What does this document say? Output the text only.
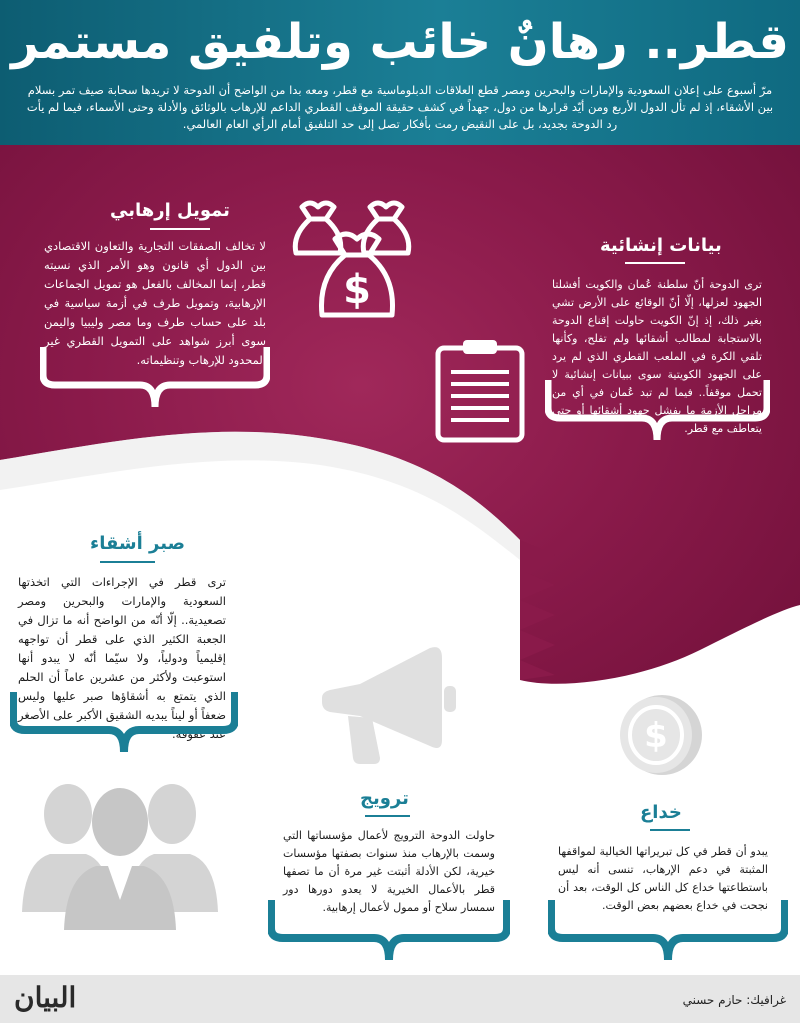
قطر.. رهانٌ خائب وتلفيق مستمر
مرّ أسبوع على إعلان السعودية والإمارات والبحرين ومصر قطع العلاقات الدبلوماسية مع قطر، ومعه بدا من الواضح أن الدوحة لا تريدها سحابة صيف تمر بسلام بين الأشقاء، إذ لم تأل الدول الأربع ومن أيّد قرارها من دول، جهداً في كشف حقيقة الموقف القطري الداعم للإرهاب بالوثائق والأدلة وحتى الأسماء، فيما لم يأت رد الدوحة بجديد، بل على النقيض رمت بأفكار تصل إلى حد التلفيق أمام الرأي العام العالمي.
تمويل إرهابي
لا تخالف الصفقات التجارية والتعاون الاقتصادي بين الدول أي قانون وهو الأمر الذي نسيته قطر، إنما المخالف بالفعل هو تمويل الجماعات الإرهابية، وتمويل طرف في أزمة سياسية في بلد على حساب طرف وما مصر وليبيا واليمن سوى أبرز شواهد على التمويل القطري غير المحدود للإرهاب وتنظيماته.
$
بيانات إنشائية
ترى الدوحة أنّ سلطنة عُمان والكويت أفشلتا الجهود لعزلها، إلّا أنّ الوقائع على الأرض تشي بغير ذلك، إذ إنّ الكويت حاولت إقناع الدوحة بالاستجابة لمطالب أشقائها ولم تفلح، وكأنها تلقي الكرة في الملعب القطري الذي لم يرد على الجهود الكويتية سوى ببيانات إنشائية لا تحمل موقفاً.. فيما لم تبد عُمان في أي من مراحل الأزمة ما يفشل جهود أشقائها أو حتى يتعاطف مع قطر.
صبر أشقاء
ترى قطر في الإجراءات التي اتخذتها السعودية والإمارات والبحرين ومصر تصعيدية.. إلّا أنّه من الواضح أنه ما تزال في الجعبة الكثير الذي على قطر أن تواجهه إقليمياً ودولياً، ولا سيّما أنّه لا يبدو أنها استوعبت ولأكثر من عشرين عاماً أن الحلم الذي يتمتع به أشقاؤها صبر عليها وليس ضعفاً أو ليناً يبديه الشقيق الأكبر على الأصغر عند عقوقه.	$
ترويج
حاولت الدوحة الترويج لأعمال مؤسساتها التي وسمت بالإرهاب منذ سنوات بصفتها مؤسسات خيرية، لكن الأدلة أثبتت غير مرة أن ما تصفها قطر بالأعمال الخيرية لا يعدو دورها دور سمسار سلاح أو ممول لأعمال إرهابية.
خداع
يبدو أن قطر في كل تبريراتها الخيالية لمواقفها المثبتة في دعم الإرهاب، تنسى أنه ليس باستطاعتها خداع كل الناس كل الوقت، بعد أن نجحت في خداع بعضهم بعض الوقت.
البيان	غرافيك: حازم حسني
